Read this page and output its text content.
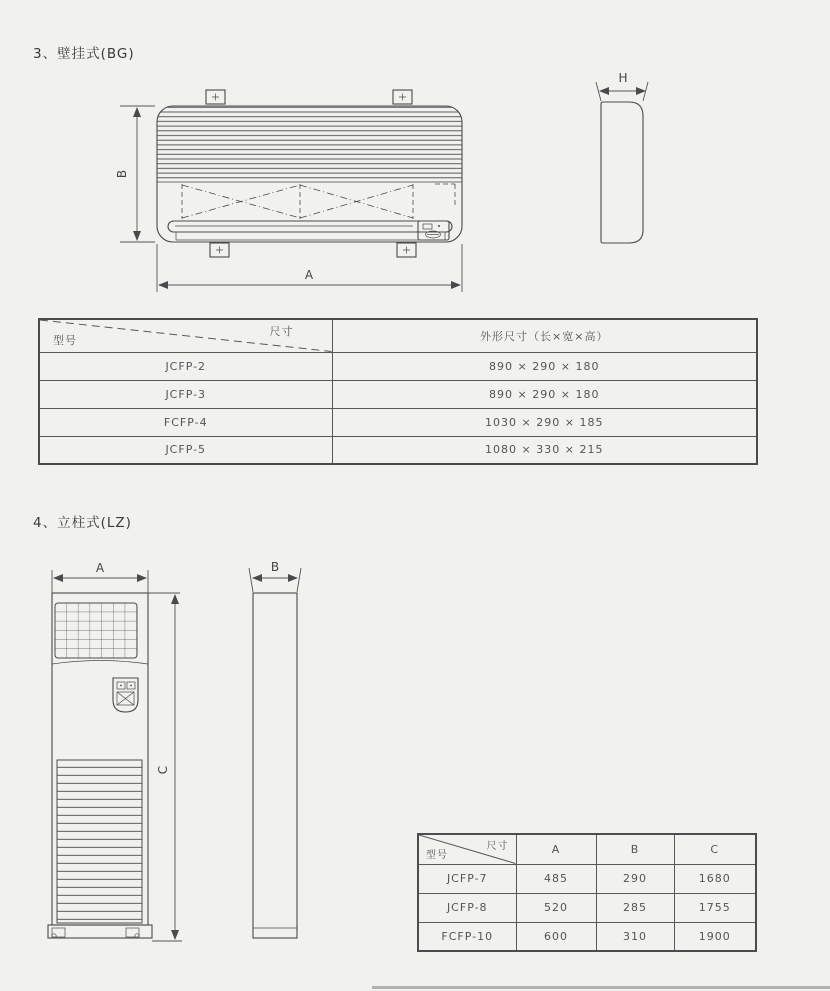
3、壁挂式(BG)
B
A
H
尺寸
型号	外形尺寸（长×宽×高）
JCFP-2	890 × 290 × 180
JCFP-3	890 × 290 × 180
FCFP-4	1030 × 290 × 185
JCFP-5	1080 × 330 × 215
4、立柱式(LZ)
A
C
B
尺寸
型号	A	B	C
JCFP-7	485	290	1680
JCFP-8	520	285	1755
FCFP-10	600	310	1900
